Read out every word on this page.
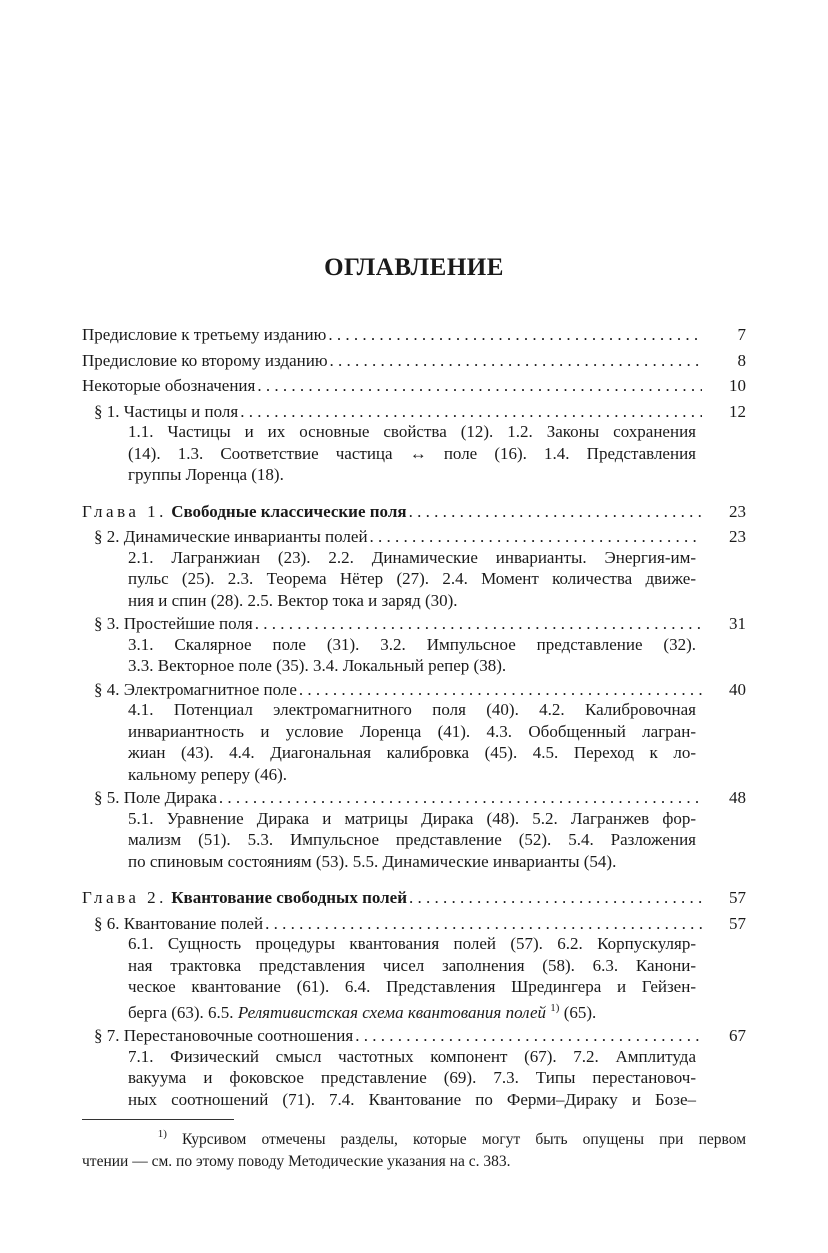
ОГЛАВЛЕНИЕ
Предисловие к третьему изданию . . .	7
Предисловие ко второму изданию . . .	8
Некоторые обозначения . . .	10
§ 1. Частицы и поля . . .	12
1.1. Частицы и их основные свойства (12). 1.2. Законы сохранения
(14). 1.3. Соответствие частица ↔ поле (16). 1.4. Представления
группы Лоренца (18).
Глава 1. Свободные классические поля . . .	23
§ 2. Динамические инварианты полей . . .	23
2.1. Лагранжиан (23). 2.2. Динамические инварианты. Энергия-им-
пульс (25). 2.3. Теорема Нётер (27). 2.4. Момент количества движе-
ния и спин (28). 2.5. Вектор тока и заряд (30).
§ 3. Простейшие поля . . .	31
3.1. Скалярное поле (31). 3.2. Импульсное представление (32).
3.3. Векторное поле (35). 3.4. Локальный репер (38).
§ 4. Электромагнитное поле . . .	40
4.1. Потенциал электромагнитного поля (40). 4.2. Калибровочная
инвариантность и условие Лоренца (41). 4.3. Обобщенный лагран-
жиан (43). 4.4. Диагональная калибровка (45). 4.5. Переход к ло-
кальному реперу (46).
§ 5. Поле Дирака . . .	48
5.1. Уравнение Дирака и матрицы Дирака (48). 5.2. Лагранжев фор-
мализм (51). 5.3. Импульсное представление (52). 5.4. Разложения
по спиновым состояниям (53). 5.5. Динамические инварианты (54).
Глава 2. Квантование свободных полей . . .	57
§ 6. Квантование полей . . .	57
6.1. Сущность процедуры квантования полей (57). 6.2. Корпускуляр-
ная трактовка представления чисел заполнения (58). 6.3. Канони-
ческое квантование (61). 6.4. Представления Шредингера и Гейзен-
берга (63). 6.5. Релятивистская схема квантования полей $^{1)}$ (65).
§ 7. Перестановочные соотношения . . .	67
7.1. Физический смысл частотных компонент (67). 7.2. Амплитуда
вакуума и фоковское представление (69). 7.3. Типы перестановоч-
ных соотношений (71). 7.4. Квантование по Ферми–Дираку и Бозе–
$^{1)}$ Курсивом отмечены разделы, которые могут быть опущены при первом
чтении — см. по этому поводу Методические указания на с. 383.
